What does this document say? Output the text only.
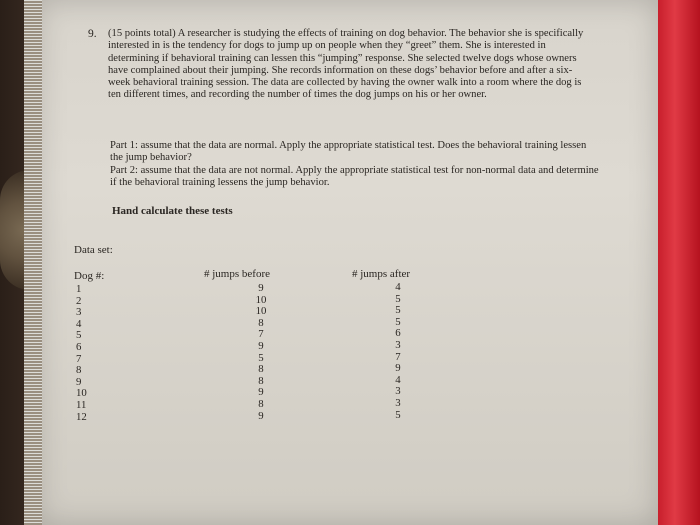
9. (15 points total) A researcher is studying the effects of training on dog behavior. The behavior she is specifically interested in is the tendency for dogs to jump up on people when they “greet” them. She is interested in determining if behavioral training can lessen this “jumping” response. She selected twelve dogs whose owners have complained about their jumping. She records information on these dogs’ behavior before and after a six-week behavioral training session. The data are collected by having the owner walk into a room where the dog is ten different times, and recording the number of times the dog jumps on his or her owner.
Part 1: assume that the data are normal. Apply the appropriate statistical test. Does the behavioral training lessen the jump behavior?
Part 2: assume that the data are not normal. Apply the appropriate statistical test for non-normal data and determine if the behavioral training lessens the jump behavior.
Hand calculate these tests
Data set:
Dog #:	# jumps before	# jumps after
1
2
3
4
5
6
7
8
9
10
11
12
9
10
10
8
7
9
5
8
8
9
8
9
4
5
5
5
6
3
7
9
4
3
3
5
